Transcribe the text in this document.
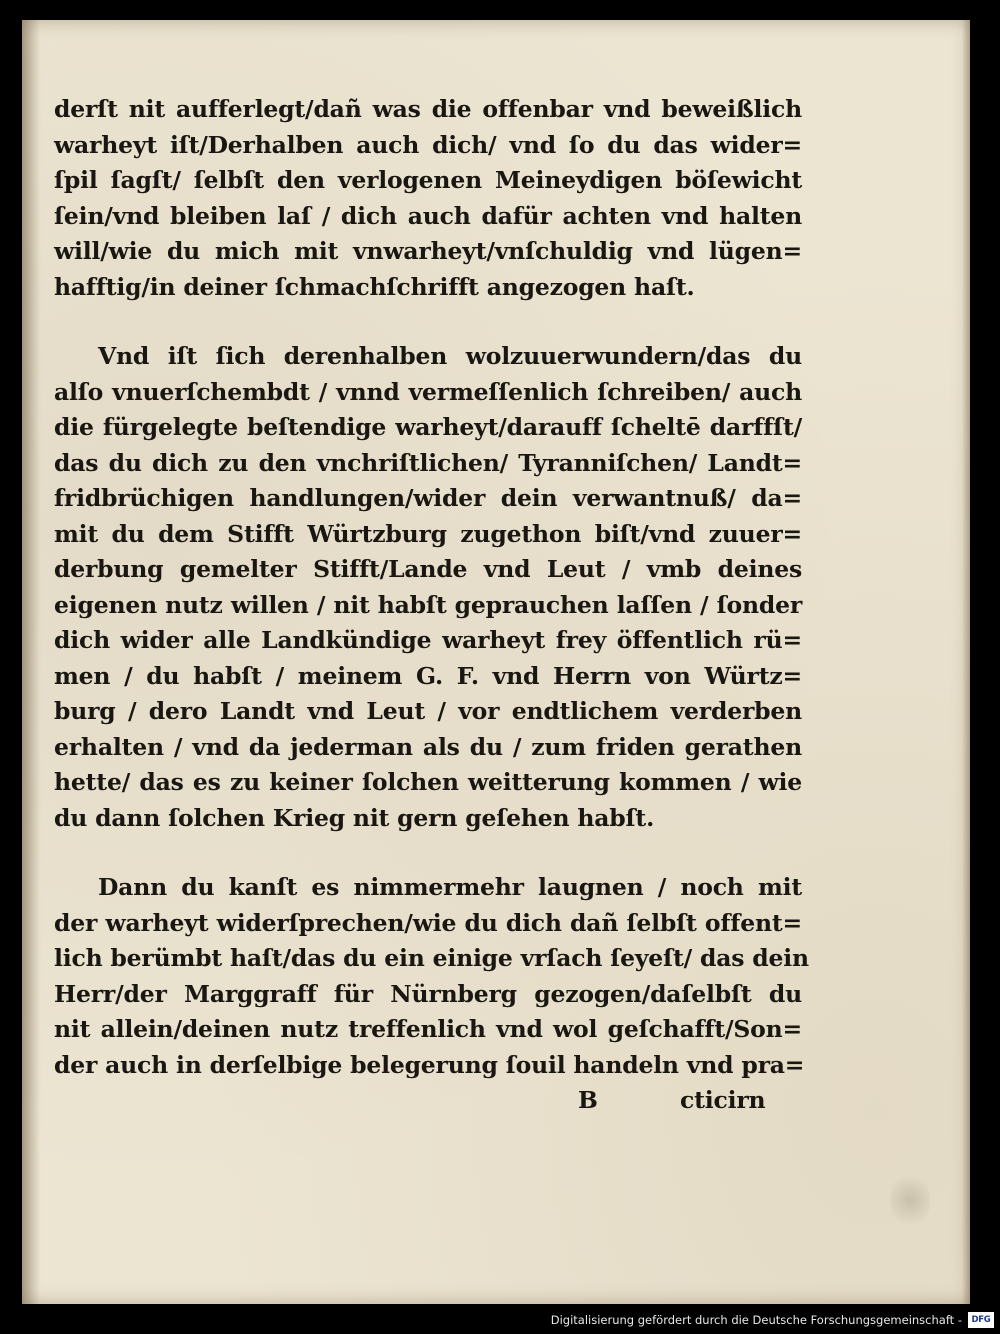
derſt nit aufferlegt/dañ was die offenbar vnd beweißlich
warheyt iſt/Derhalben auch dich/ vnd ſo du das wider=
ſpil ſagſt/ ſelbſt den verlogenen Meineydigen böſewicht
ſein/vnd bleiben laſ / dich auch dafür achten vnd halten
will/wie du mich mit vnwarheyt/vnſchuldig vnd lügen=
hafftig/in deiner ſchmachſchrifft angezogen haſt.
Vnd iſt ſich derenhalben wolzuuerwundern/das du
alſo vnuerſchembdt / vnnd vermeſſenlich ſchreiben/ auch
die fürgelegte beſtendige warheyt/darauff ſcheltē darffſt/
das du dich zu den vnchriſtlichen/ Tyranniſchen/ Landt=
fridbrüchigen handlungen/wider dein verwantnuß/ da=
mit du dem Stifft Würtzburg zugethon biſt/vnd zuuer=
derbung gemelter Stifft/Lande vnd Leut / vmb deines
eigenen nutz willen / nit habſt geprauchen laſſen / ſonder
dich wider alle Landkündige warheyt frey öffentlich rü=
men / du habſt / meinem G. F. vnd Herrn von Würtz=
burg / dero Landt vnd Leut / vor endtlichem verderben
erhalten / vnd da jederman als du / zum friden gerathen
hette/ das es zu keiner ſolchen weitterung kommen / wie
du dann ſolchen Krieg nit gern geſehen habſt.
Dann du kanſt es nimmermehr laugnen / noch mit
der warheyt widerſprechen/wie du dich dañ ſelbſt offent=
lich berümbt haſt/das du ein einige vrſach ſeyeſt/ das dein
Herr/der Marggraff für Nürnberg gezogen/daſelbſt du
nit allein/deinen nutz treffenlich vnd wol geſchafft/Son=
der auch in derſelbige belegerung ſouil handeln vnd pra=
B	cticirn
Digitalisierung gefördert durch die Deutsche Forschungsgemeinschaft -	DFG
